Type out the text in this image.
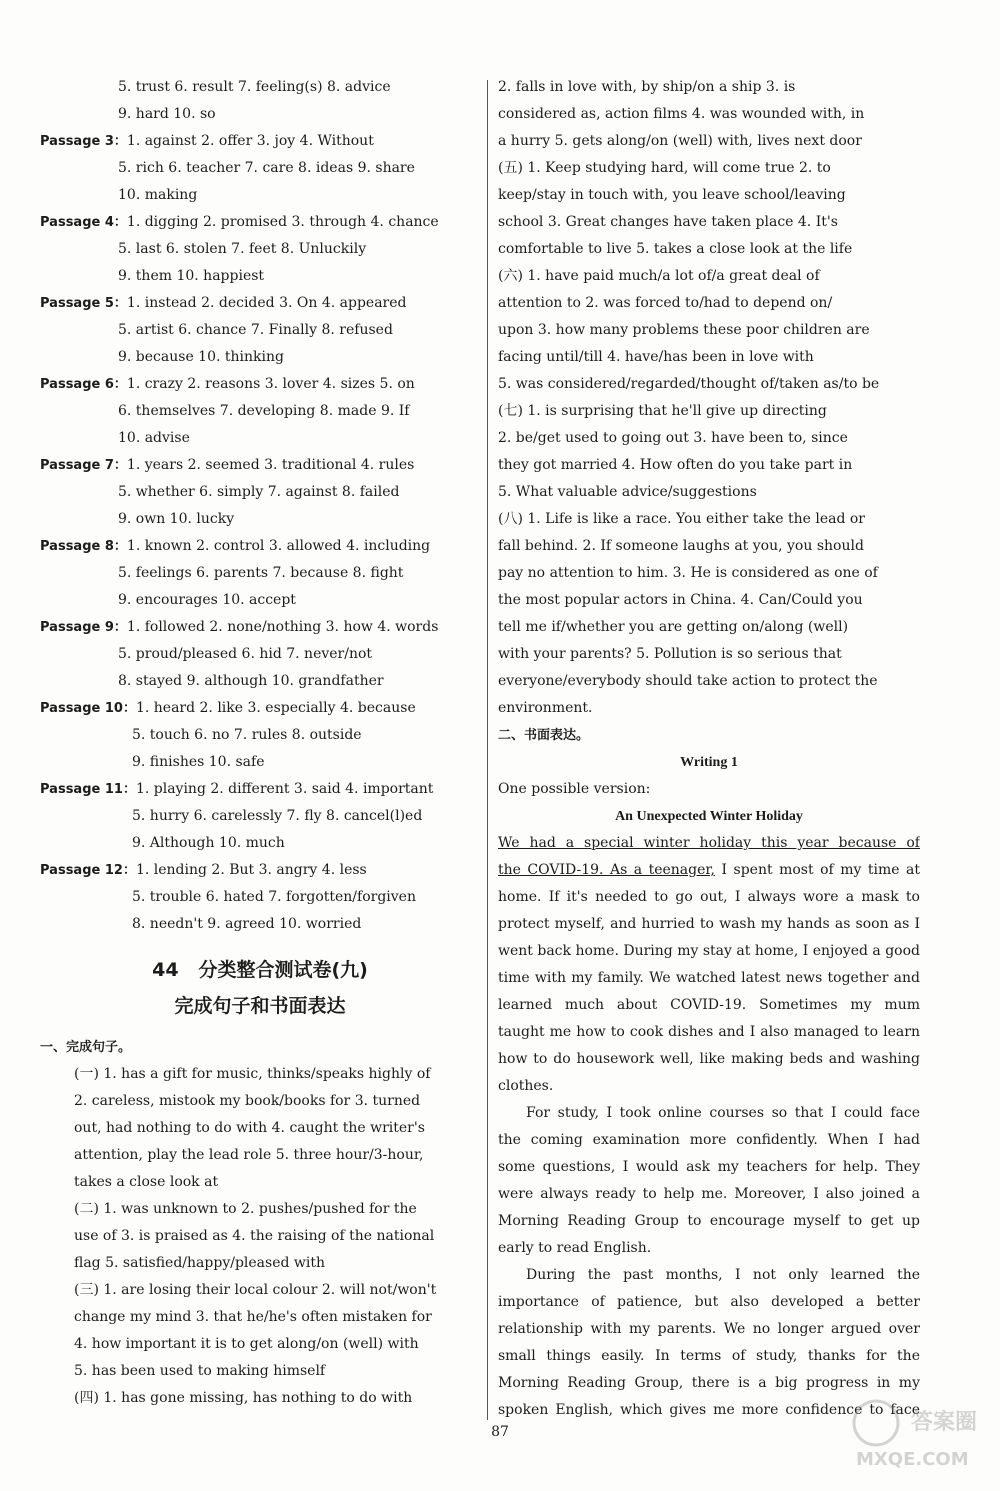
5. trust 6. result 7. feeling(s) 8. advice
9. hard 10. so
Passage 3：1. against 2. offer 3. joy 4. Without
5. rich 6. teacher 7. care 8. ideas 9. share
10. making
Passage 4：1. digging 2. promised 3. through 4. chance
5. last 6. stolen 7. feet 8. Unluckily
9. them 10. happiest
Passage 5：1. instead 2. decided 3. On 4. appeared
5. artist 6. chance 7. Finally 8. refused
9. because 10. thinking
Passage 6：1. crazy 2. reasons 3. lover 4. sizes 5. on
6. themselves 7. developing 8. made 9. If
10. advise
Passage 7：1. years 2. seemed 3. traditional 4. rules
5. whether 6. simply 7. against 8. failed
9. own 10. lucky
Passage 8：1. known 2. control 3. allowed 4. including
5. feelings 6. parents 7. because 8. fight
9. encourages 10. accept
Passage 9：1. followed 2. none/nothing 3. how 4. words
5. proud/pleased 6. hid 7. never/not
8. stayed 9. although 10. grandfather
Passage 10：1. heard 2. like 3. especially 4. because
5. touch 6. no 7. rules 8. outside
9. finishes 10. safe
Passage 11：1. playing 2. different 3. said 4. important
5. hurry 6. carelessly 7. fly 8. cancel(l)ed
9. Although 10. much
Passage 12：1. lending 2. But 3. angry 4. less
5. trouble 6. hated 7. forgotten/forgiven
8. needn't 9. agreed 10. worried
44 分类整合测试卷(九)
完成句子和书面表达
一、完成句子。
(一) 1. has a gift for music, thinks/speaks highly of
2. careless, mistook my book/books for 3. turned
out, had nothing to do with 4. caught the writer's
attention, play the lead role 5. three hour/3-hour,
takes a close look at
(二) 1. was unknown to 2. pushes/pushed for the
use of 3. is praised as 4. the raising of the national
flag 5. satisfied/happy/pleased with
(三) 1. are losing their local colour 2. will not/won't
change my mind 3. that he/he's often mistaken for
4. how important it is to get along/on (well) with
5. has been used to making himself
(四) 1. has gone missing, has nothing to do with
2. falls in love with, by ship/on a ship 3. is
considered as, action films 4. was wounded with, in
a hurry 5. gets along/on (well) with, lives next door
(五) 1. Keep studying hard, will come true 2. to
keep/stay in touch with, you leave school/leaving
school 3. Great changes have taken place 4. It's
comfortable to live 5. takes a close look at the life
(六) 1. have paid much/a lot of/a great deal of
attention to 2. was forced to/had to depend on/
upon 3. how many problems these poor children are
facing until/till 4. have/has been in love with
5. was considered/regarded/thought of/taken as/to be
(七) 1. is surprising that he'll give up directing
2. be/get used to going out 3. have been to, since
they got married 4. How often do you take part in
5. What valuable advice/suggestions
(八) 1. Life is like a race. You either take the lead or
fall behind. 2. If someone laughs at you, you should
pay no attention to him. 3. He is considered as one of
the most popular actors in China. 4. Can/Could you
tell me if/whether you are getting on/along (well)
with your parents? 5. Pollution is so serious that
everyone/everybody should take action to protect the
environment.
二、书面表达。
Writing 1
One possible version:
An Unexpected Winter Holiday
We had a special winter holiday this year because of
the COVID-19. As a teenager, I spent most of my time at
home. If it's needed to go out, I always wore a mask to
protect myself, and hurried to wash my hands as soon as I
went back home. During my stay at home, I enjoyed a good
time with my family. We watched latest news together and
learned much about COVID-19. Sometimes my mum
taught me how to cook dishes and I also managed to learn
how to do housework well, like making beds and washing
clothes.
For study, I took online courses so that I could face
the coming examination more confidently. When I had
some questions, I would ask my teachers for help. They
were always ready to help me. Moreover, I also joined a
Morning Reading Group to encourage myself to get up
early to read English.
During the past months, I not only learned the
importance of patience, but also developed a better
relationship with my parents. We no longer argued over
small things easily. In terms of study, thanks for the
Morning Reading Group, there is a big progress in my
spoken English, which gives me more confidence to face
87	答案圈
MXQE.COM
